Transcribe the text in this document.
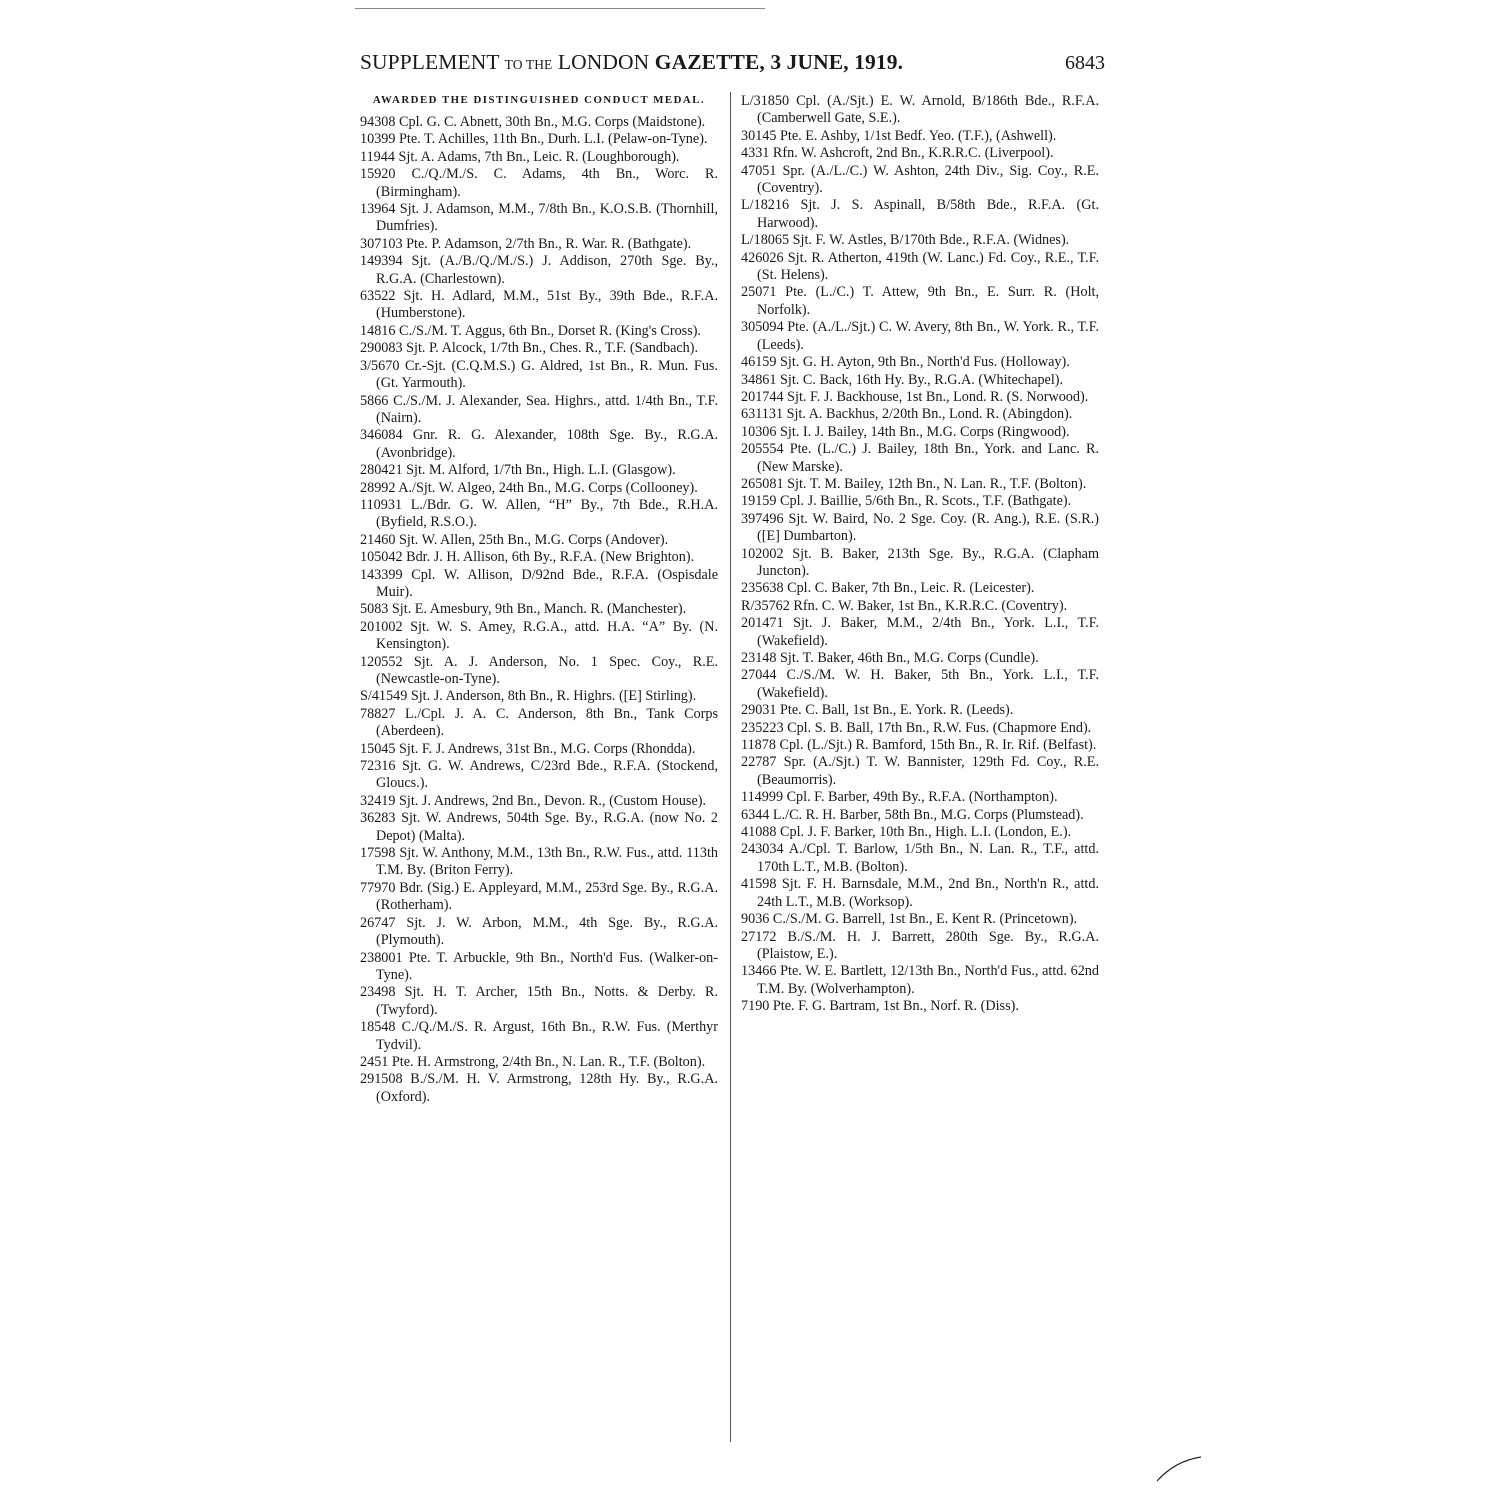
SUPPLEMENT TO THE LONDON GAZETTE, 3 JUNE, 1919.	6843
AWARDED THE DISTINGUISHED CONDUCT MEDAL.

94308 Cpl. G. C. Abnett, 30th Bn., M.G. Corps (Maidstone).

10399 Pte. T. Achilles, 11th Bn., Durh. L.I. (Pelaw-on-Tyne).

11944 Sjt. A. Adams, 7th Bn., Leic. R. (Loughborough).

15920 C./Q./M./S. C. Adams, 4th Bn., Worc. R. (Birmingham).

13964 Sjt. J. Adamson, M.M., 7/8th Bn., K.O.S.B. (Thornhill, Dumfries).

307103 Pte. P. Adamson, 2/7th Bn., R. War. R. (Bathgate).

149394 Sjt. (A./B./Q./M./S.) J. Addison, 270th Sge. By., R.G.A. (Charlestown).

63522 Sjt. H. Adlard, M.M., 51st By., 39th Bde., R.F.A. (Humberstone).

14816 C./S./M. T. Aggus, 6th Bn., Dorset R. (King's Cross).

290083 Sjt. P. Alcock, 1/7th Bn., Ches. R., T.F. (Sandbach).

3/5670 Cr.-Sjt. (C.Q.M.S.) G. Aldred, 1st Bn., R. Mun. Fus. (Gt. Yarmouth).

5866 C./S./M. J. Alexander, Sea. Highrs., attd. 1/4th Bn., T.F. (Nairn).

346084 Gnr. R. G. Alexander, 108th Sge. By., R.G.A. (Avonbridge).

280421 Sjt. M. Alford, 1/7th Bn., High. L.I. (Glasgow).

28992 A./Sjt. W. Algeo, 24th Bn., M.G. Corps (Collooney).

110931 L./Bdr. G. W. Allen, “H” By., 7th Bde., R.H.A. (Byfield, R.S.O.).

21460 Sjt. W. Allen, 25th Bn., M.G. Corps (Andover).

105042 Bdr. J. H. Allison, 6th By., R.F.A. (New Brighton).

143399 Cpl. W. Allison, D/92nd Bde., R.F.A. (Ospisdale Muir).

5083 Sjt. E. Amesbury, 9th Bn., Manch. R. (Manchester).

201002 Sjt. W. S. Amey, R.G.A., attd. H.A. “A” By. (N. Kensington).

120552 Sjt. A. J. Anderson, No. 1 Spec. Coy., R.E. (Newcastle-on-Tyne).

S/41549 Sjt. J. Anderson, 8th Bn., R. Highrs. ([E] Stirling).

78827 L./Cpl. J. A. C. Anderson, 8th Bn., Tank Corps (Aberdeen).

15045 Sjt. F. J. Andrews, 31st Bn., M.G. Corps (Rhondda).

72316 Sjt. G. W. Andrews, C/23rd Bde., R.F.A. (Stockend, Gloucs.).

32419 Sjt. J. Andrews, 2nd Bn., Devon. R., (Custom House).

36283 Sjt. W. Andrews, 504th Sge. By., R.G.A. (now No. 2 Depot) (Malta).

17598 Sjt. W. Anthony, M.M., 13th Bn., R.W. Fus., attd. 113th T.M. By. (Briton Ferry).

77970 Bdr. (Sig.) E. Appleyard, M.M., 253rd Sge. By., R.G.A. (Rotherham).

26747 Sjt. J. W. Arbon, M.M., 4th Sge. By., R.G.A. (Plymouth).

238001 Pte. T. Arbuckle, 9th Bn., North'd Fus. (Walker-on-Tyne).

23498 Sjt. H. T. Archer, 15th Bn., Notts. & Derby. R. (Twyford).

18548 C./Q./M./S. R. Argust, 16th Bn., R.W. Fus. (Merthyr Tydvil).

2451 Pte. H. Armstrong, 2/4th Bn., N. Lan. R., T.F. (Bolton).

291508 B./S./M. H. V. Armstrong, 128th Hy. By., R.G.A. (Oxford).

L/31850 Cpl. (A./Sjt.) E. W. Arnold, B/186th Bde., R.F.A. (Camberwell Gate, S.E.).

30145 Pte. E. Ashby, 1/1st Bedf. Yeo. (T.F.), (Ashwell).

4331 Rfn. W. Ashcroft, 2nd Bn., K.R.R.C. (Liverpool).

47051 Spr. (A./L./C.) W. Ashton, 24th Div., Sig. Coy., R.E. (Coventry).

L/18216 Sjt. J. S. Aspinall, B/58th Bde., R.F.A. (Gt. Harwood).

L/18065 Sjt. F. W. Astles, B/170th Bde., R.F.A. (Widnes).

426026 Sjt. R. Atherton, 419th (W. Lanc.) Fd. Coy., R.E., T.F. (St. Helens).

25071 Pte. (L./C.) T. Attew, 9th Bn., E. Surr. R. (Holt, Norfolk).

305094 Pte. (A./L./Sjt.) C. W. Avery, 8th Bn., W. York. R., T.F. (Leeds).

46159 Sjt. G. H. Ayton, 9th Bn., North'd Fus. (Holloway).

34861 Sjt. C. Back, 16th Hy. By., R.G.A. (Whitechapel).

201744 Sjt. F. J. Backhouse, 1st Bn., Lond. R. (S. Norwood).

631131 Sjt. A. Backhus, 2/20th Bn., Lond. R. (Abingdon).

10306 Sjt. I. J. Bailey, 14th Bn., M.G. Corps (Ringwood).

205554 Pte. (L./C.) J. Bailey, 18th Bn., York. and Lanc. R. (New Marske).

265081 Sjt. T. M. Bailey, 12th Bn., N. Lan. R., T.F. (Bolton).

19159 Cpl. J. Baillie, 5/6th Bn., R. Scots., T.F. (Bathgate).

397496 Sjt. W. Baird, No. 2 Sge. Coy. (R. Ang.), R.E. (S.R.) ([E] Dumbarton).

102002 Sjt. B. Baker, 213th Sge. By., R.G.A. (Clapham Juncton).

235638 Cpl. C. Baker, 7th Bn., Leic. R. (Leicester).

R/35762 Rfn. C. W. Baker, 1st Bn., K.R.R.C. (Coventry).

201471 Sjt. J. Baker, M.M., 2/4th Bn., York. L.I., T.F. (Wakefield).

23148 Sjt. T. Baker, 46th Bn., M.G. Corps (Cundle).

27044 C./S./M. W. H. Baker, 5th Bn., York. L.I., T.F. (Wakefield).

29031 Pte. C. Ball, 1st Bn., E. York. R. (Leeds).

235223 Cpl. S. B. Ball, 17th Bn., R.W. Fus. (Chapmore End).

11878 Cpl. (L./Sjt.) R. Bamford, 15th Bn., R. Ir. Rif. (Belfast).

22787 Spr. (A./Sjt.) T. W. Bannister, 129th Fd. Coy., R.E. (Beaumorris).

114999 Cpl. F. Barber, 49th By., R.F.A. (Northampton).

6344 L./C. R. H. Barber, 58th Bn., M.G. Corps (Plumstead).

41088 Cpl. J. F. Barker, 10th Bn., High. L.I. (London, E.).

243034 A./Cpl. T. Barlow, 1/5th Bn., N. Lan. R., T.F., attd. 170th L.T., M.B. (Bolton).

41598 Sjt. F. H. Barnsdale, M.M., 2nd Bn., North'n R., attd. 24th L.T., M.B. (Worksop).

9036 C./S./M. G. Barrell, 1st Bn., E. Kent R. (Princetown).

27172 B./S./M. H. J. Barrett, 280th Sge. By., R.G.A. (Plaistow, E.).

13466 Pte. W. E. Bartlett, 12/13th Bn., North'd Fus., attd. 62nd T.M. By. (Wolverhampton).

7190 Pte. F. G. Bartram, 1st Bn., Norf. R. (Diss).
